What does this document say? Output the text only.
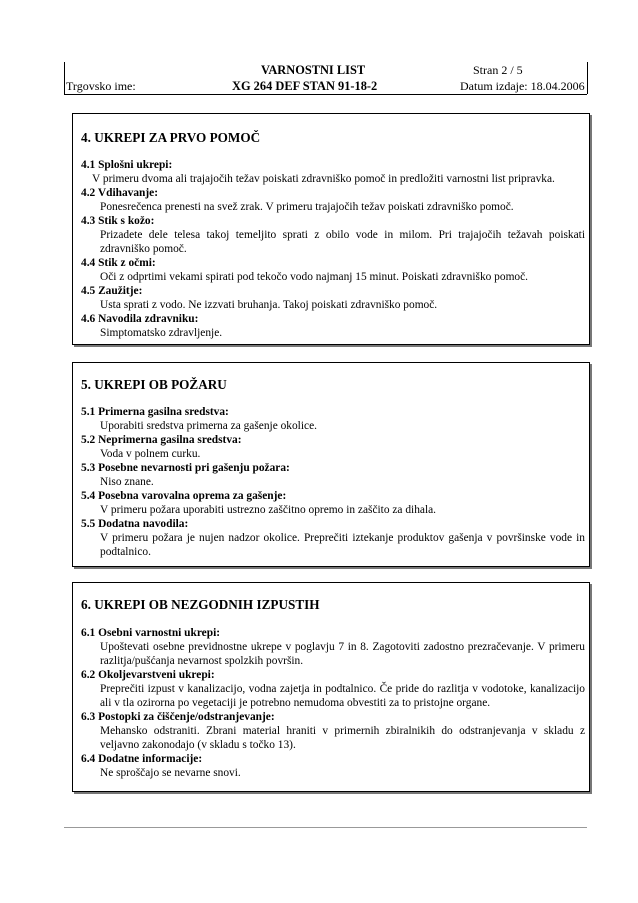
VARNOSTNI LIST	Stran 2 / 5
Trgovsko ime:	XG 264 DEF STAN 91-18-2	Datum izdaje: 18.04.2006
4. UKREPI ZA PRVO POMOČ
4.1 Splošni ukrepi:
V primeru dvoma ali trajajočih težav poiskati zdravniško pomoč in predložiti varnostni list pripravka.
4.2 Vdihavanje:
Ponesrečenca prenesti na svež zrak. V primeru trajajočih težav poiskati zdravniško pomoč.
4.3 Stik s kožo:
Prizadete dele telesa takoj temeljito sprati z obilo vode in milom. Pri trajajočih težavah poiskati zdravniško pomoč.
4.4 Stik z očmi:
Oči z odprtimi vekami spirati pod tekočo vodo najmanj 15 minut. Poiskati zdravniško pomoč.
4.5 Zaužitje:
Usta sprati z vodo. Ne izzvati bruhanja. Takoj poiskati zdravniško pomoč.
4.6 Navodila zdravniku:
Simptomatsko zdravljenje.
5. UKREPI OB POŽARU
5.1 Primerna gasilna sredstva:
Uporabiti sredstva primerna za gašenje okolice.
5.2 Neprimerna gasilna sredstva:
Voda v polnem curku.
5.3 Posebne nevarnosti pri gašenju požara:
Niso znane.
5.4 Posebna varovalna oprema za gašenje:
V primeru požara uporabiti ustrezno zaščitno opremo in zaščito za dihala.
5.5 Dodatna navodila:
V primeru požara je nujen nadzor okolice. Preprečiti iztekanje produktov gašenja v površinske vode in podtalnico.
6. UKREPI OB NEZGODNIH IZPUSTIH
6.1 Osebni varnostni ukrepi:
Upoštevati osebne previdnostne ukrepe v poglavju 7 in 8. Zagotoviti zadostno prezračevanje. V primeru razlitja/pušćanja nevarnost spolzkih površin.
6.2 Okoljevarstveni ukrepi:
Preprečiti izpust v kanalizacijo, vodna zajetja in podtalnico. Če pride do razlitja v vodotoke, kanalizacijo ali v tla ozirorna po vegetaciji je potrebno nemudoma obvestiti za to pristojne organe.
6.3 Postopki za čiščenje/odstranjevanje:
Mehansko odstraniti. Zbrani material hraniti v primernih zbiralnikih do odstranjevanja v skladu z veljavno zakonodajo (v skladu s točko 13).
6.4 Dodatne informacije:
Ne sproščajo se nevarne snovi.
